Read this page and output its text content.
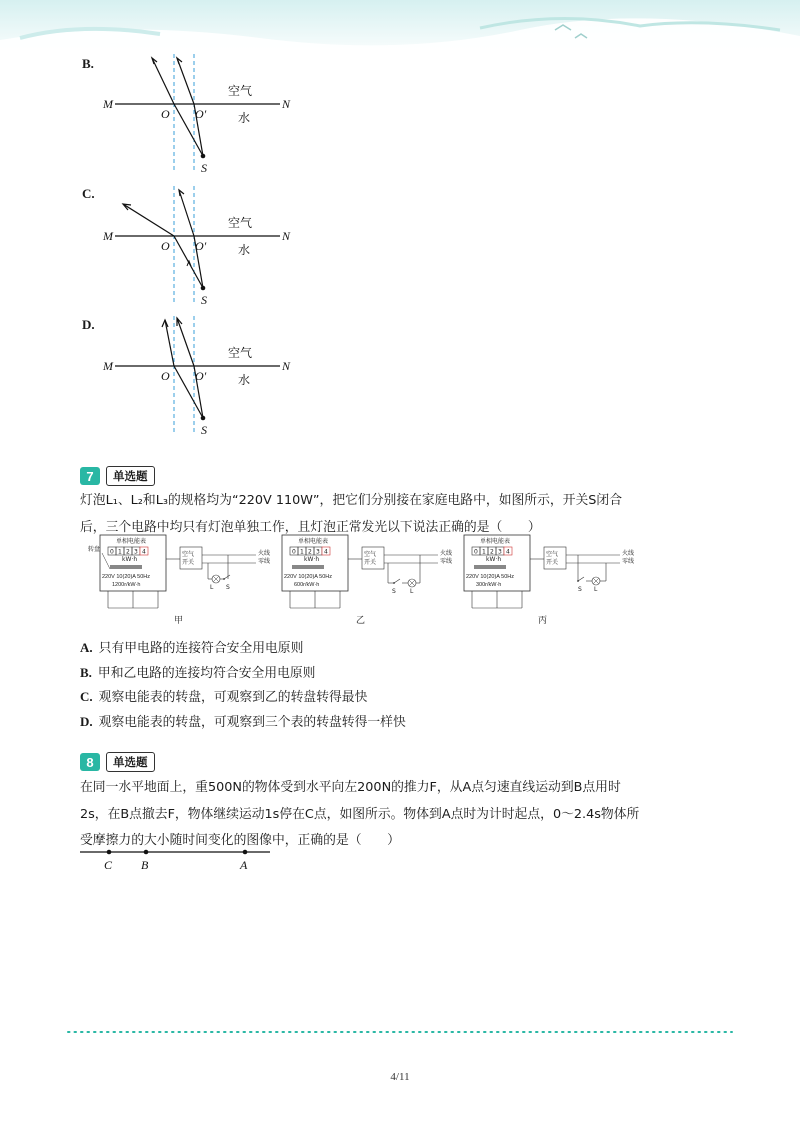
B.
M	N
O O′
S
空气
水
C.
M	N
O O′
S
空气
水
D.
M	N
O O′
S
空气
水
7	单选题
灯泡L₁、L₂和L₃的规格均为“220V 110W”，把它们分别接在家庭电路中，如图所示，开关S闭合
后，三个电路中均只有灯泡单独工作，且灯泡正常发光以下说法正确的是（　　）
单相电能表
0 1 2 3 4
kW·h
转盘
220V 10(20)A 50Hz
1200r/kW·h
空气
开关
火线
零线
L S
甲
单相电能表
0 1 2 3 4
kW·h
220V 10(20)A 50Hz
600r/kW·h
空气
开关
火线
零线
S L
乙
单相电能表
0 1 2 3 4
kW·h
220V 10(20)A 50Hz
300r/kW·h
空气
开关
火线
零线
S L
丙
A. 只有甲电路的连接符合安全用电原则
B. 甲和乙电路的连接均符合安全用电原则
C. 观察电能表的转盘，可观察到乙的转盘转得最快
D. 观察电能表的转盘，可观察到三个表的转盘转得一样快
8	单选题
在同一水平地面上，重500N的物体受到水平向左200N的推力F，从A点匀速直线运动到B点用时
2s，在B点撤去F，物体继续运动1s停在C点，如图所示。物体到A点时为计时起点，0～2.4s物体所
受摩擦力的大小随时间变化的图像中，正确的是（　　）
C B	A
4/11
